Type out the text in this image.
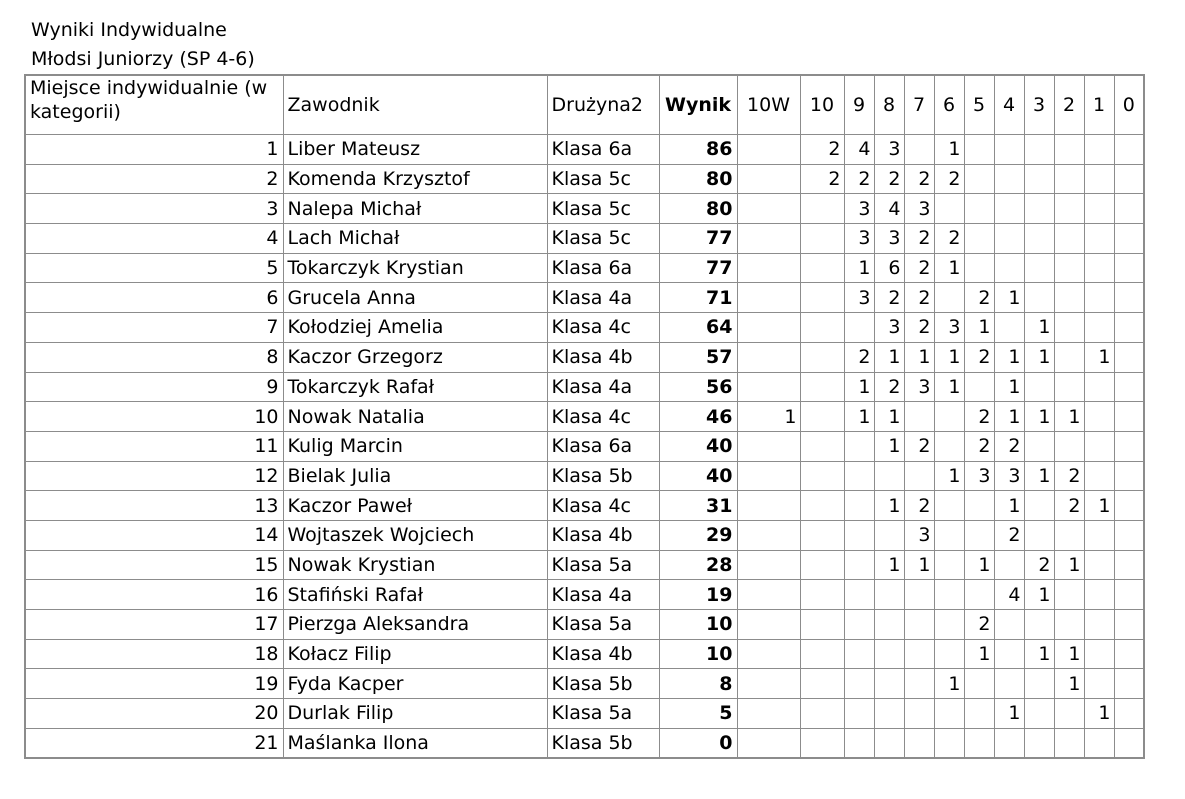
Wyniki Indywidualne
Młodsi Juniorzy (SP 4-6)
Miejsce indywidualnie (w kategorii)	Zawodnik	Drużyna2	Wynik	10W	10	9	8	7	6	5	4	3	2	1	0
1	Liber Mateusz	Klasa 6a	86		2	4	3		1						
2	Komenda Krzysztof	Klasa 5c	80		2	2	2	2	2						
3	Nalepa Michał	Klasa 5c	80			3	4	3							
4	Lach Michał	Klasa 5c	77			3	3	2	2						
5	Tokarczyk Krystian	Klasa 6a	77			1	6	2	1						
6	Grucela Anna	Klasa 4a	71			3	2	2		2	1				
7	Kołodziej Amelia	Klasa 4c	64				3	2	3	1		1			
8	Kaczor Grzegorz	Klasa 4b	57			2	1	1	1	2	1	1		1	
9	Tokarczyk Rafał	Klasa 4a	56			1	2	3	1		1				
10	Nowak Natalia	Klasa 4c	46	1		1	1			2	1	1	1		
11	Kulig Marcin	Klasa 6a	40				1	2		2	2				
12	Bielak Julia	Klasa 5b	40						1	3	3	1	2		
13	Kaczor Paweł	Klasa 4c	31				1	2			1		2	1	
14	Wojtaszek Wojciech	Klasa 4b	29					3			2				
15	Nowak Krystian	Klasa 5a	28				1	1		1		2	1		
16	Stafiński Rafał	Klasa 4a	19								4	1			
17	Pierzga Aleksandra	Klasa 5a	10							2					
18	Kołacz Filip	Klasa 4b	10							1		1	1		
19	Fyda Kacper	Klasa 5b	8						1				1		
20	Durlak Filip	Klasa 5a	5								1			1	
21	Maślanka Ilona	Klasa 5b	0												
